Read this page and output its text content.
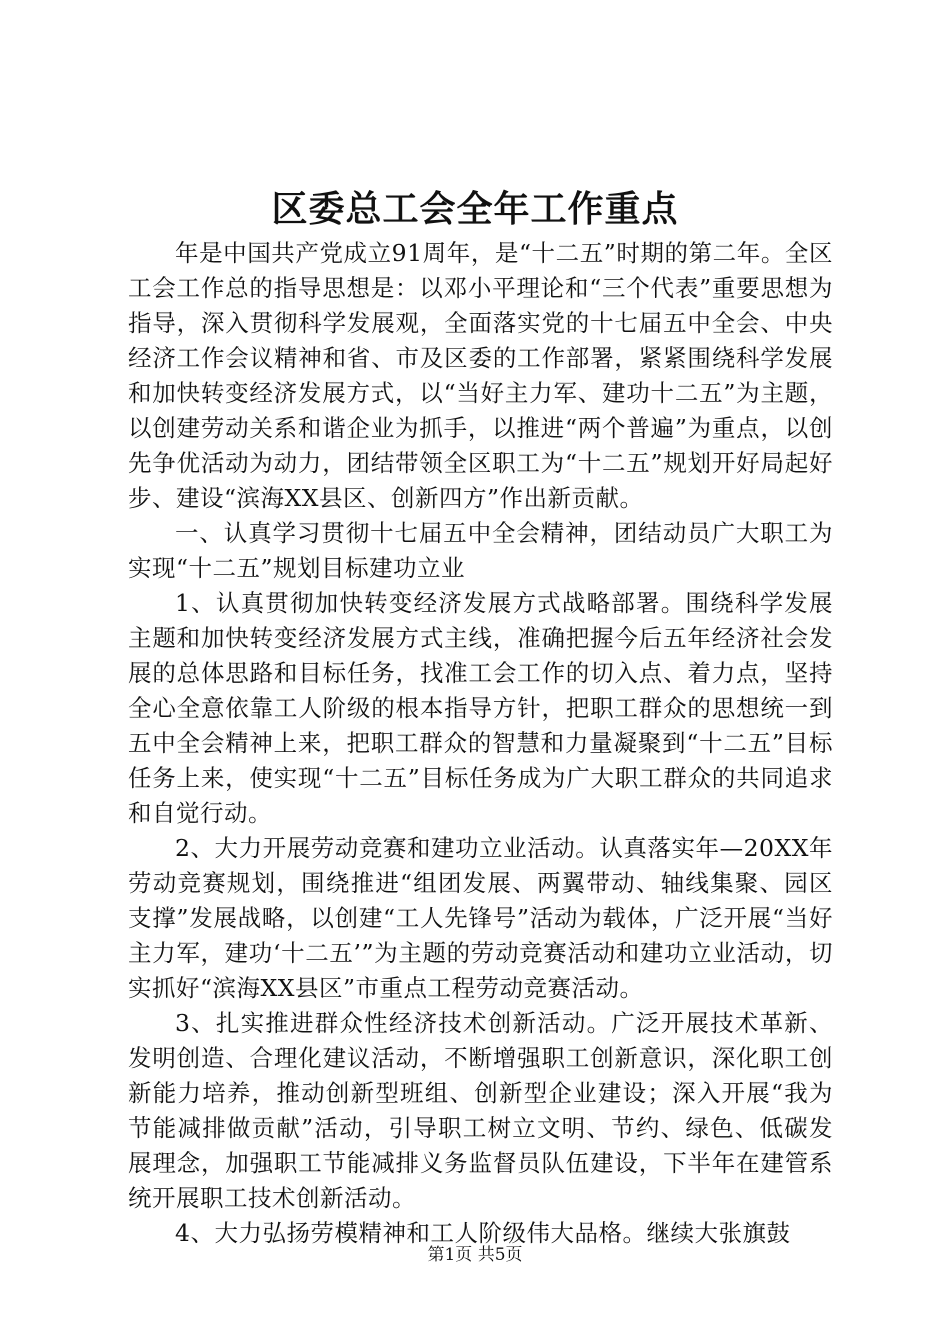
区委总工会全年工作重点

年是中国共产党成立91周年，是“十二五”时期的第二年。全区工会工作总的指导思想是：以邓小平理论和“三个代表”重要思想为指导，深入贯彻科学发展观，全面落实党的十七届五中全会、中央经济工作会议精神和省、市及区委的工作部署，紧紧围绕科学发展和加快转变经济发展方式，以“当好主力军、建功十二五”为主题，以创建劳动关系和谐企业为抓手，以推进“两个普遍”为重点，以创先争优活动为动力，团结带领全区职工为“十二五”规划开好局起好步、建设“滨海XX县区、创新四方”作出新贡献。

一、认真学习贯彻十七届五中全会精神，团结动员广大职工为实现“十二五”规划目标建功立业

1、认真贯彻加快转变经济发展方式战略部署。围绕科学发展主题和加快转变经济发展方式主线，准确把握今后五年经济社会发展的总体思路和目标任务，找准工会工作的切入点、着力点，坚持全心全意依靠工人阶级的根本指导方针，把职工群众的思想统一到五中全会精神上来，把职工群众的智慧和力量凝聚到“十二五”目标任务上来，使实现“十二五”目标任务成为广大职工群众的共同追求和自觉行动。

2、大力开展劳动竞赛和建功立业活动。认真落实年—20XX年劳动竞赛规划，围绕推进“组团发展、两翼带动、轴线集聚、园区支撑”发展战略，以创建“工人先锋号”活动为载体，广泛开展“当好主力军，建功‘十二五’”为主题的劳动竞赛活动和建功立业活动，切实抓好“滨海XX县区”市重点工程劳动竞赛活动。

3、扎实推进群众性经济技术创新活动。广泛开展技术革新、发明创造、合理化建议活动，不断增强职工创新意识，深化职工创新能力培养，推动创新型班组、创新型企业建设；深入开展“我为节能减排做贡献”活动，引导职工树立文明、节约、绿色、低碳发展理念，加强职工节能减排义务监督员队伍建设，下半年在建管系统开展职工技术创新活动。

4、大力弘扬劳模精神和工人阶级伟大品格。继续大张旗鼓

第1页 共5页
